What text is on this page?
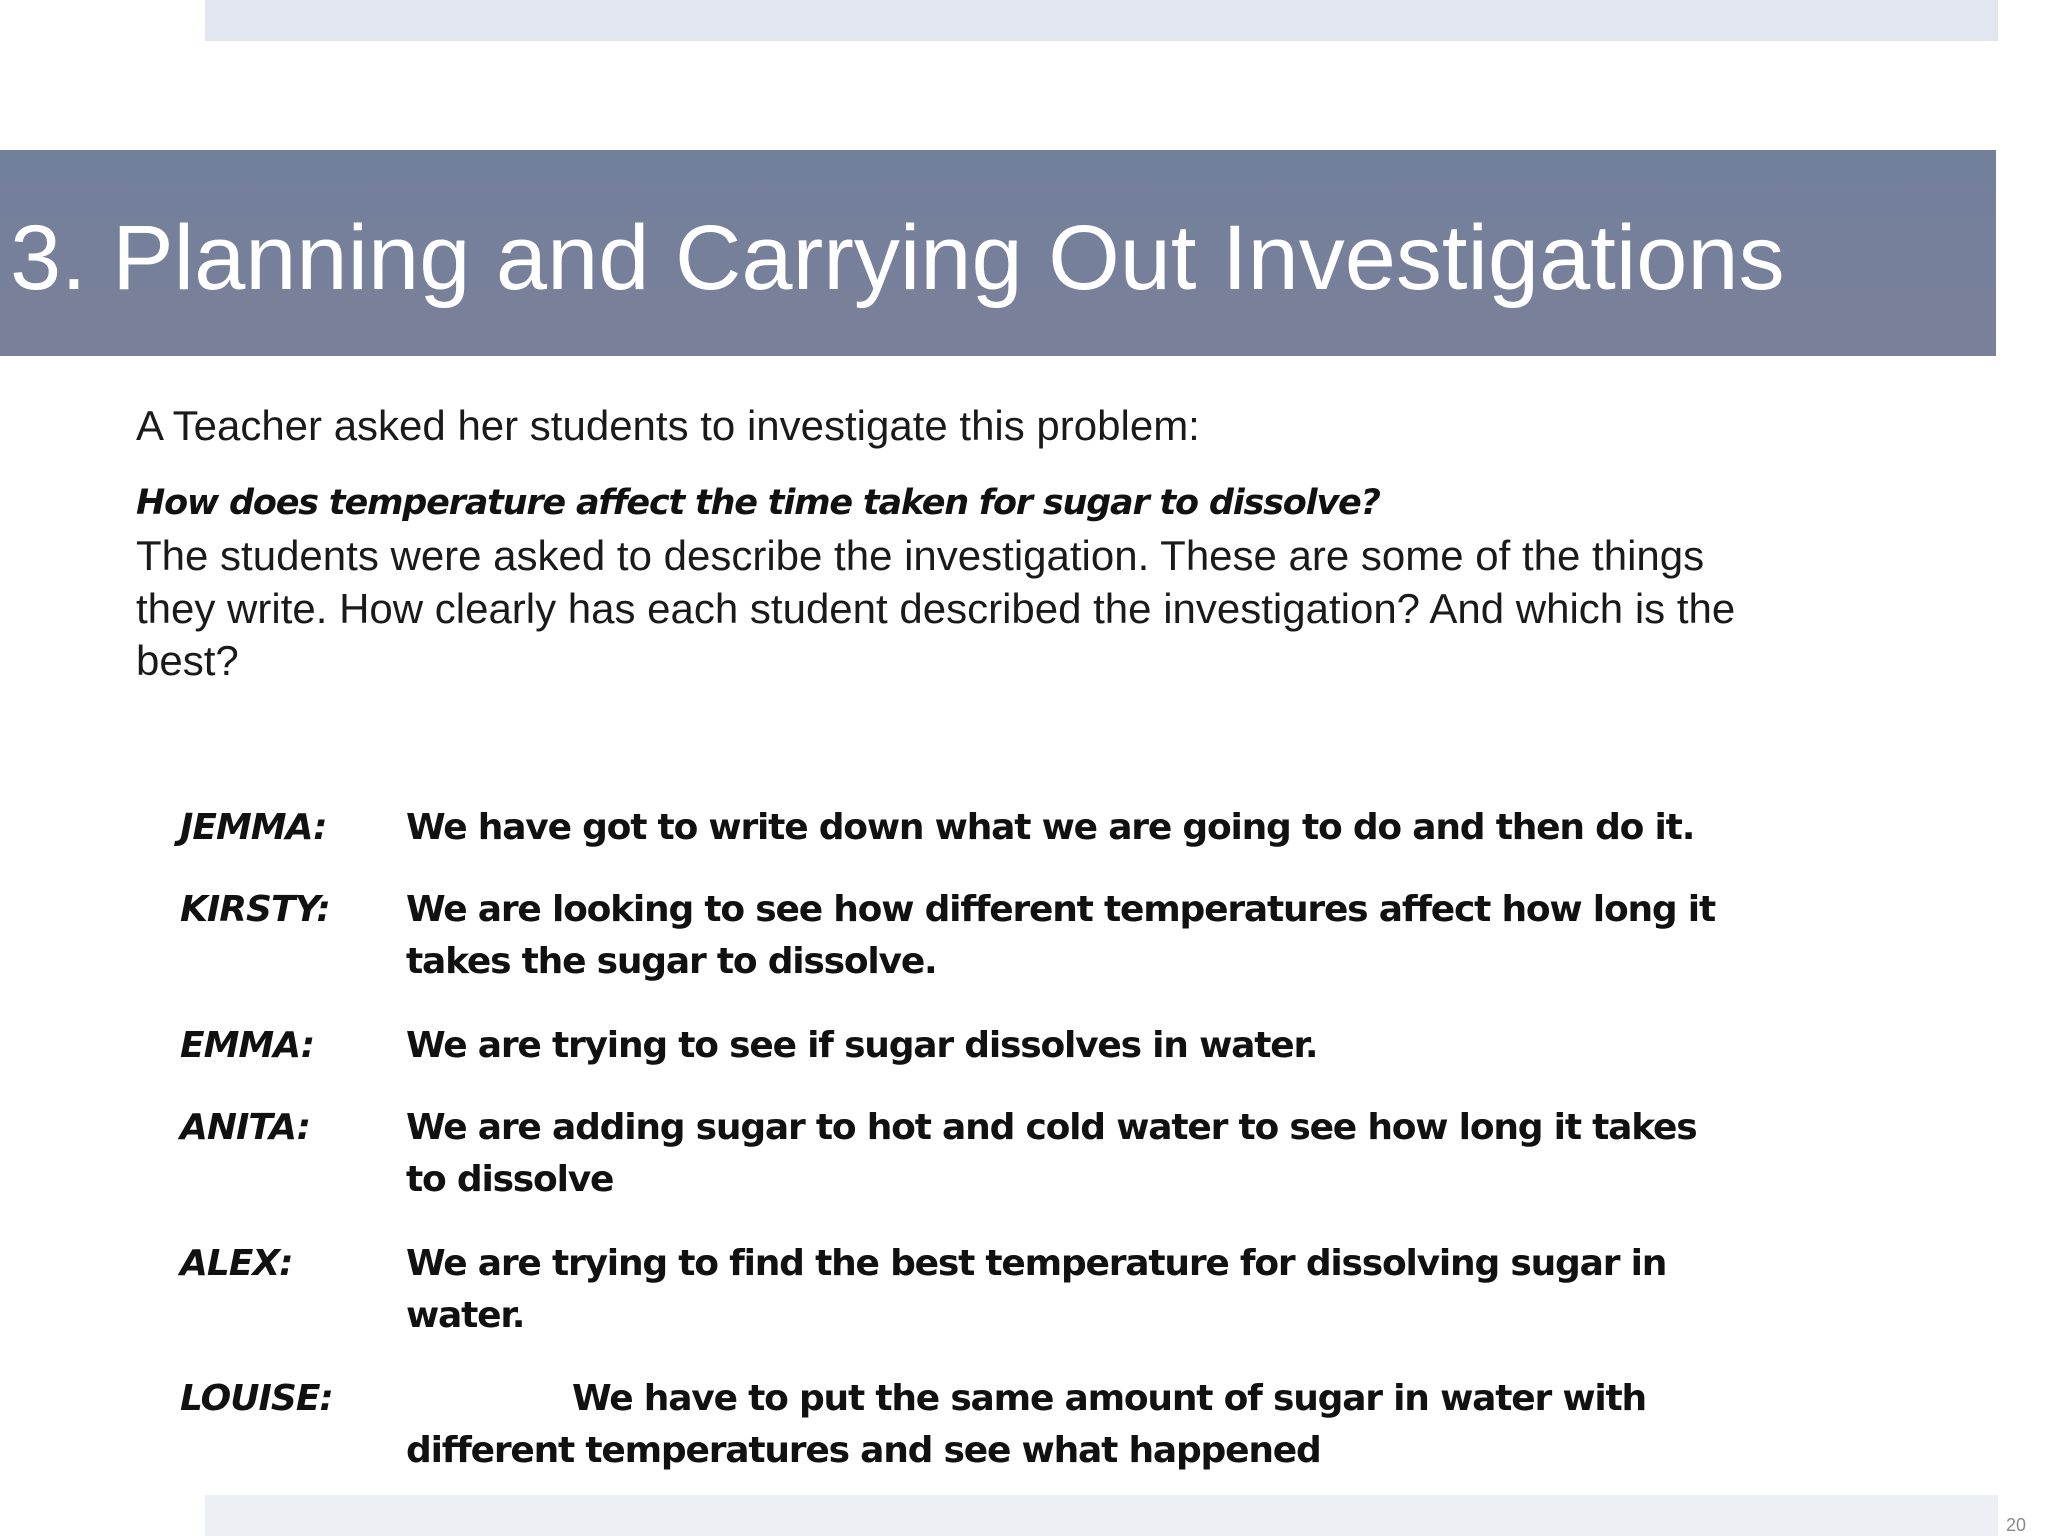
3. Planning and Carrying Out Investigations

A Teacher asked her students to investigate this problem:

How does temperature affect the time taken for sugar to dissolve?

The students were asked to describe the investigation. These are some of the things they write. How clearly has each student described the investigation? And which is the best?

JEMMA: We have got to write down what we are going to do and then do it.

KIRSTY: We are looking to see how different temperatures affect how long it takes the sugar to dissolve.

EMMA:	We are trying to see if sugar dissolves in water.

ANITA:	We are adding sugar to hot and cold water to see how long it takes to dissolve

ALEX:	We are trying to find the best temperature for dissolving sugar in water.

LOUISE:	We have to put the same amount of sugar in water with different temperatures and see what happened

20
